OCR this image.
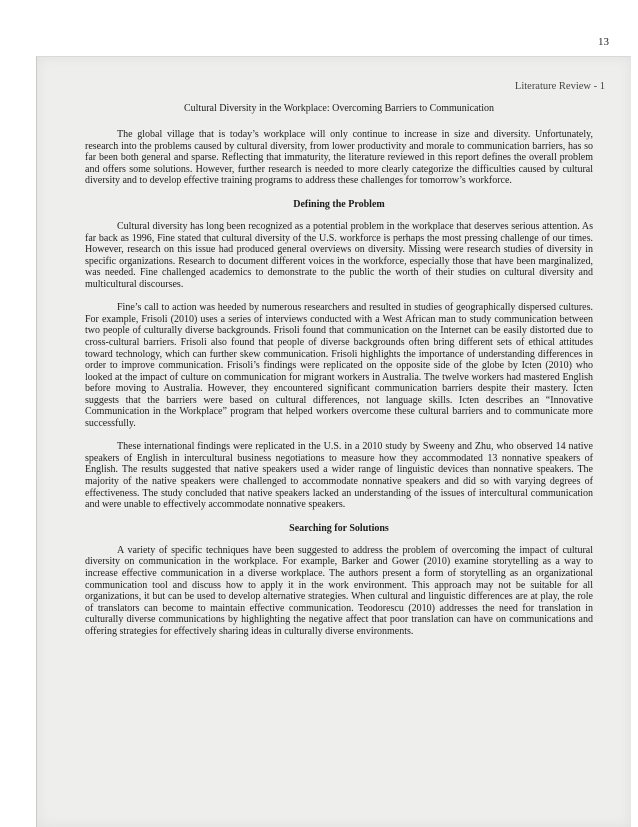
13
Literature Review - 1
Cultural Diversity in the Workplace: Overcoming Barriers to Communication

The global village that is today’s workplace will only continue to increase in size and diversity. Unfortunately, research into the problems caused by cultural diversity, from lower productivity and morale to communication barriers, has so far been both general and sparse. Reflecting that immaturity, the literature reviewed in this report defines the overall problem and offers some solutions. However, further research is needed to more clearly categorize the difficulties caused by cultural diversity and to develop effective training programs to address these challenges for tomorrow’s workforce.

Defining the Problem

Cultural diversity has long been recognized as a potential problem in the workplace that deserves serious attention. As far back as 1996, Fine stated that cultural diversity of the U.S. workforce is perhaps the most pressing challenge of our times. However, research on this issue had produced general overviews on diversity. Missing were research studies of diversity in specific organizations. Research to document different voices in the workforce, especially those that have been marginalized, was needed. Fine challenged academics to demonstrate to the public the worth of their studies on cultural diversity and multicultural discourses.

Fine’s call to action was heeded by numerous researchers and resulted in studies of geographically dispersed cultures. For example, Frisoli (2010) uses a series of interviews conducted with a West African man to study communication between two people of culturally diverse backgrounds. Frisoli found that communication on the Internet can be easily distorted due to cross-cultural barriers. Frisoli also found that people of diverse backgrounds often bring different sets of ethical attitudes toward technology, which can further skew communication. Frisoli highlights the importance of understanding differences in order to improve communication. Frisoli’s findings were replicated on the opposite side of the globe by Icten (2010) who looked at the impact of culture on communication for migrant workers in Australia. The twelve workers had mastered English before moving to Australia. However, they encountered significant communication barriers despite their mastery. Icten suggests that the barriers were based on cultural differences, not language skills. Icten describes an “Innovative Communication in the Workplace” program that helped workers overcome these cultural barriers and to communicate more successfully.

These international findings were replicated in the U.S. in a 2010 study by Sweeny and Zhu, who observed 14 native speakers of English in intercultural business negotiations to measure how they accommodated 13 nonnative speakers of English. The results suggested that native speakers used a wider range of linguistic devices than nonnative speakers. The majority of the native speakers were challenged to accommodate nonnative speakers and did so with varying degrees of effectiveness. The study concluded that native speakers lacked an understanding of the issues of intercultural communication and were unable to effectively accommodate nonnative speakers.

Searching for Solutions

A variety of specific techniques have been suggested to address the problem of overcoming the impact of cultural diversity on communication in the workplace. For example, Barker and Gower (2010) examine storytelling as a way to increase effective communication in a diverse workplace. The authors present a form of storytelling as an organizational communication tool and discuss how to apply it in the work environment. This approach may not be suitable for all organizations, it but can be used to develop alternative strategies. When cultural and linguistic differences are at play, the role of translators can become to maintain effective communication. Teodorescu (2010) addresses the need for translation in culturally diverse communications by highlighting the negative affect that poor translation can have on communications and offering strategies for effectively sharing ideas in culturally diverse environments.
